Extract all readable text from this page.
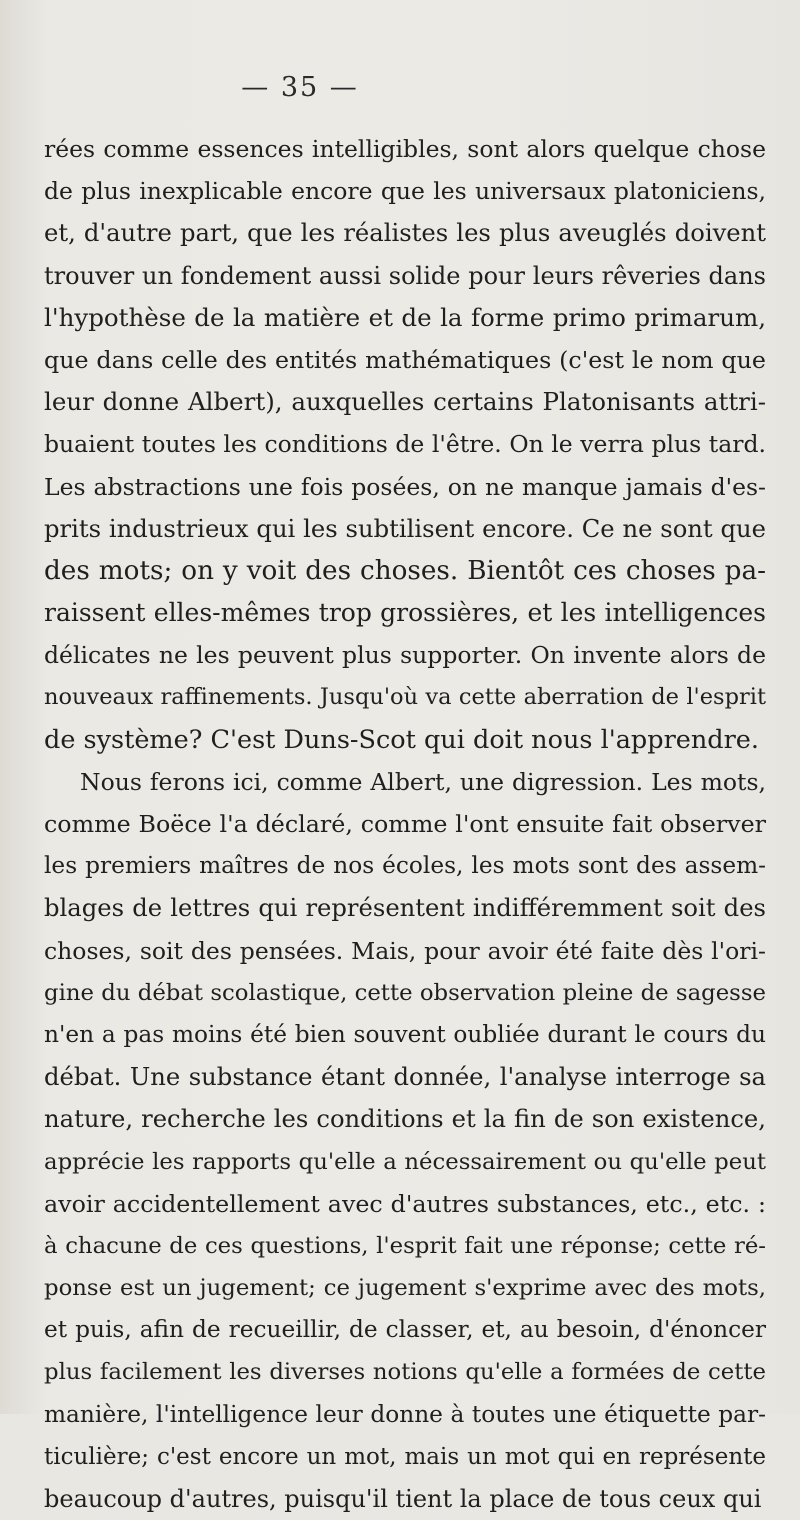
— 35 —
rées comme essences intelligibles, sont alors quelque chose
de plus inexplicable encore que les universaux platoniciens,
et, d'autre part, que les réalistes les plus aveuglés doivent
trouver un fondement aussi solide pour leurs rêveries dans
l'hypothèse de la matière et de la forme primo primarum,
que dans celle des entités mathématiques (c'est le nom que
leur donne Albert), auxquelles certains Platonisants attri-
buaient toutes les conditions de l'être. On le verra plus tard.
Les abstractions une fois posées, on ne manque jamais d'es-
prits industrieux qui les subtilisent encore. Ce ne sont que
des mots; on y voit des choses. Bientôt ces choses pa-
raissent elles-mêmes trop grossières, et les intelligences
délicates ne les peuvent plus supporter. On invente alors de
nouveaux raffinements. Jusqu'où va cette aberration de l'esprit
de système? C'est Duns-Scot qui doit nous l'apprendre.
Nous ferons ici, comme Albert, une digression. Les mots,
comme Boëce l'a déclaré, comme l'ont ensuite fait observer
les premiers maîtres de nos écoles, les mots sont des assem-
blages de lettres qui représentent indifféremment soit des
choses, soit des pensées. Mais, pour avoir été faite dès l'ori-
gine du débat scolastique, cette observation pleine de sagesse
n'en a pas moins été bien souvent oubliée durant le cours du
débat. Une substance étant donnée, l'analyse interroge sa
nature, recherche les conditions et la fin de son existence,
apprécie les rapports qu'elle a nécessairement ou qu'elle peut
avoir accidentellement avec d'autres substances, etc., etc. :
à chacune de ces questions, l'esprit fait une réponse; cette ré-
ponse est un jugement; ce jugement s'exprime avec des mots,
et puis, afin de recueillir, de classer, et, au besoin, d'énoncer
plus facilement les diverses notions qu'elle a formées de cette
manière, l'intelligence leur donne à toutes une étiquette par-
ticulière; c'est encore un mot, mais un mot qui en représente
beaucoup d'autres, puisqu'il tient la place de tous ceux qui
